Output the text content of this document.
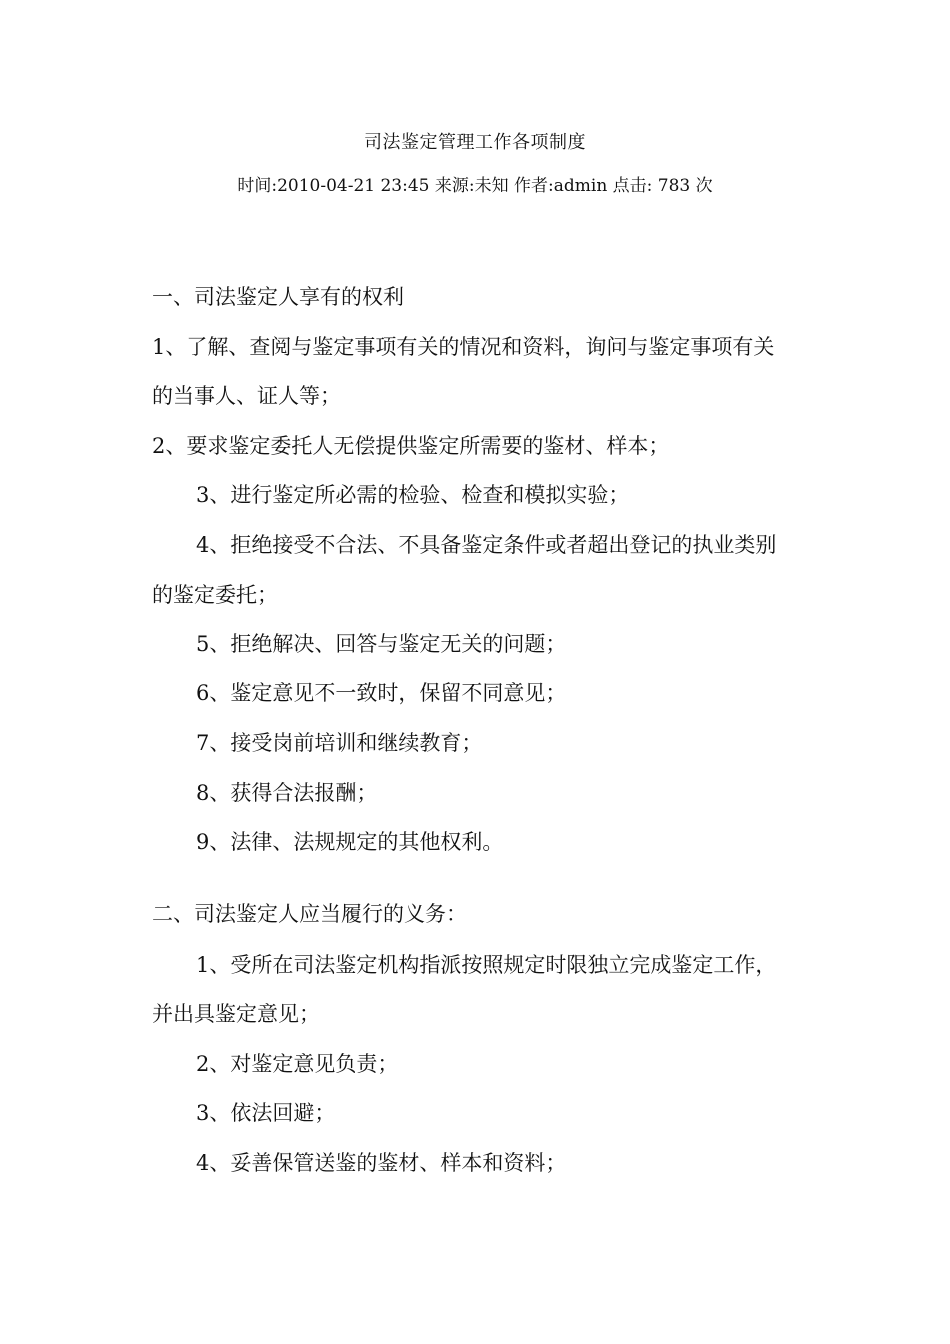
司法鉴定管理工作各项制度
时间:2010-04-21 23:45 来源:未知 作者:admin 点击: 783 次
一、司法鉴定人享有的权利
1、了解、查阅与鉴定事项有关的情况和资料，询问与鉴定事项有关
的当事人、证人等；
2、要求鉴定委托人无偿提供鉴定所需要的鉴材、样本；
3、进行鉴定所必需的检验、检查和模拟实验；
4、拒绝接受不合法、不具备鉴定条件或者超出登记的执业类别
的鉴定委托；
5、拒绝解决、回答与鉴定无关的问题；
6、鉴定意见不一致时，保留不同意见；
7、接受岗前培训和继续教育；
8、获得合法报酬；
9、法律、法规规定的其他权利。
二、司法鉴定人应当履行的义务：
1、受所在司法鉴定机构指派按照规定时限独立完成鉴定工作，
并出具鉴定意见；
2、对鉴定意见负责；
3、依法回避；
4、妥善保管送鉴的鉴材、样本和资料；
